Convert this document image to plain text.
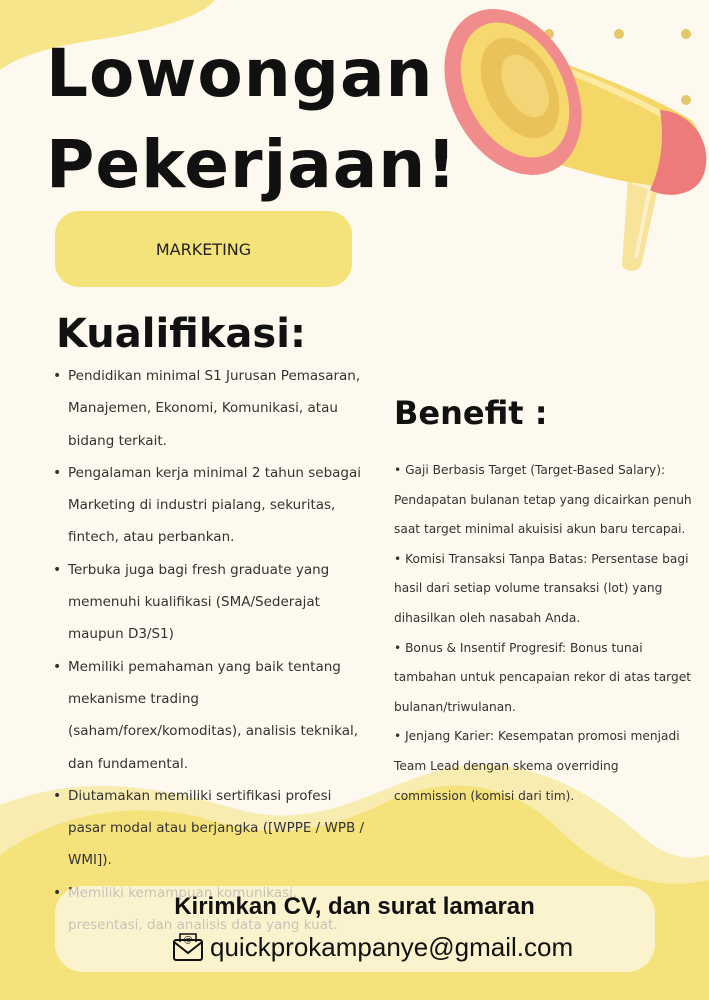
Lowongan
Pekerjaan!
MARKETING
Kualifikasi:
• Pendidikan minimal S1 Jurusan Pemasaran, Manajemen, Ekonomi, Komunikasi, atau bidang terkait.
• Pengalaman kerja minimal 2 tahun sebagai Marketing di industri pialang, sekuritas, fintech, atau perbankan.
• Terbuka juga bagi fresh graduate yang memenuhi kualifikasi (SMA/Sederajat maupun D3/S1)
• Memiliki pemahaman yang baik tentang mekanisme trading (saham/forex/komoditas), analisis teknikal, dan fundamental.
• Diutamakan memiliki sertifikasi profesi pasar modal atau berjangka ([WPPE / WPB / WMI]).
•
Benefit :

• Gaji Berbasis Target (Target-Based Salary): Pendapatan bulanan tetap yang dicairkan penuh saat target minimal akuisisi akun baru tercapai.

• Komisi Transaksi Tanpa Batas: Persentase bagi hasil dari setiap volume transaksi (lot) yang dihasilkan oleh nasabah Anda.

• Bonus & Insentif Progresif: Bonus tunai tambahan untuk pencapaian rekor di atas target bulanan/triwulanan.

• Jenjang Karier: Kesempatan promosi menjadi Team Lead dengan skema overriding commission (komisi dari tim).

Kirimkan CV, dan surat lamaran
@ quickprokampanye@gmail.com
